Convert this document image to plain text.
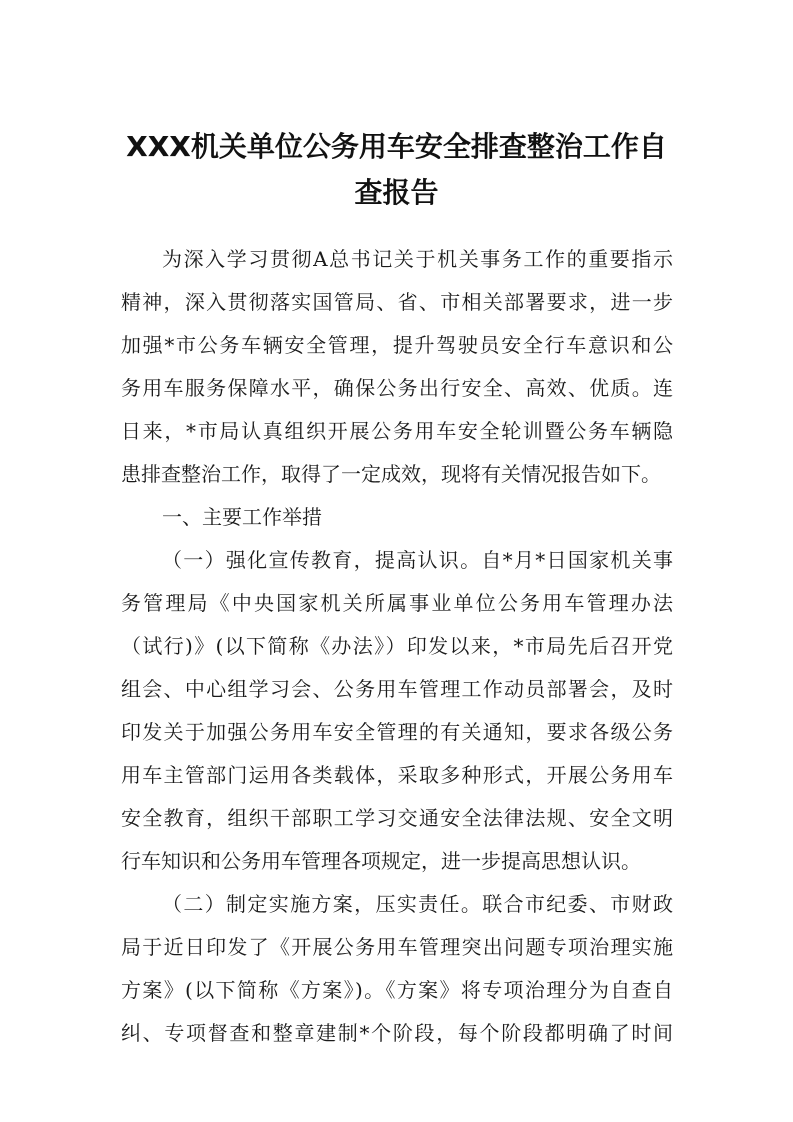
XXX机关单位公务用车安全排查整治工作自
查报告
为深入学习贯彻A总书记关于机关事务工作的重要指示
精神，深入贯彻落实国管局、省、市相关部署要求，进一步
加强*市公务车辆安全管理，提升驾驶员安全行车意识和公
务用车服务保障水平，确保公务出行安全、高效、优质。连
日来，*市局认真组织开展公务用车安全轮训暨公务车辆隐
患排查整治工作，取得了一定成效，现将有关情况报告如下。
一、主要工作举措
（一）强化宣传教育，提高认识。自*月*日国家机关事
务管理局《中央国家机关所属事业单位公务用车管理办法
（试行)》(以下简称《办法》）印发以来，*市局先后召开党
组会、中心组学习会、公务用车管理工作动员部署会，及时
印发关于加强公务用车安全管理的有关通知，要求各级公务
用车主管部门运用各类载体，采取多种形式，开展公务用车
安全教育，组织干部职工学习交通安全法律法规、安全文明
行车知识和公务用车管理各项规定，进一步提高思想认识。
（二）制定实施方案，压实责任。联合市纪委、市财政
局于近日印发了《开展公务用车管理突出问题专项治理实施
方案》(以下简称《方案》)。《方案》将专项治理分为自查自
纠、专项督查和整章建制*个阶段，每个阶段都明确了时间
